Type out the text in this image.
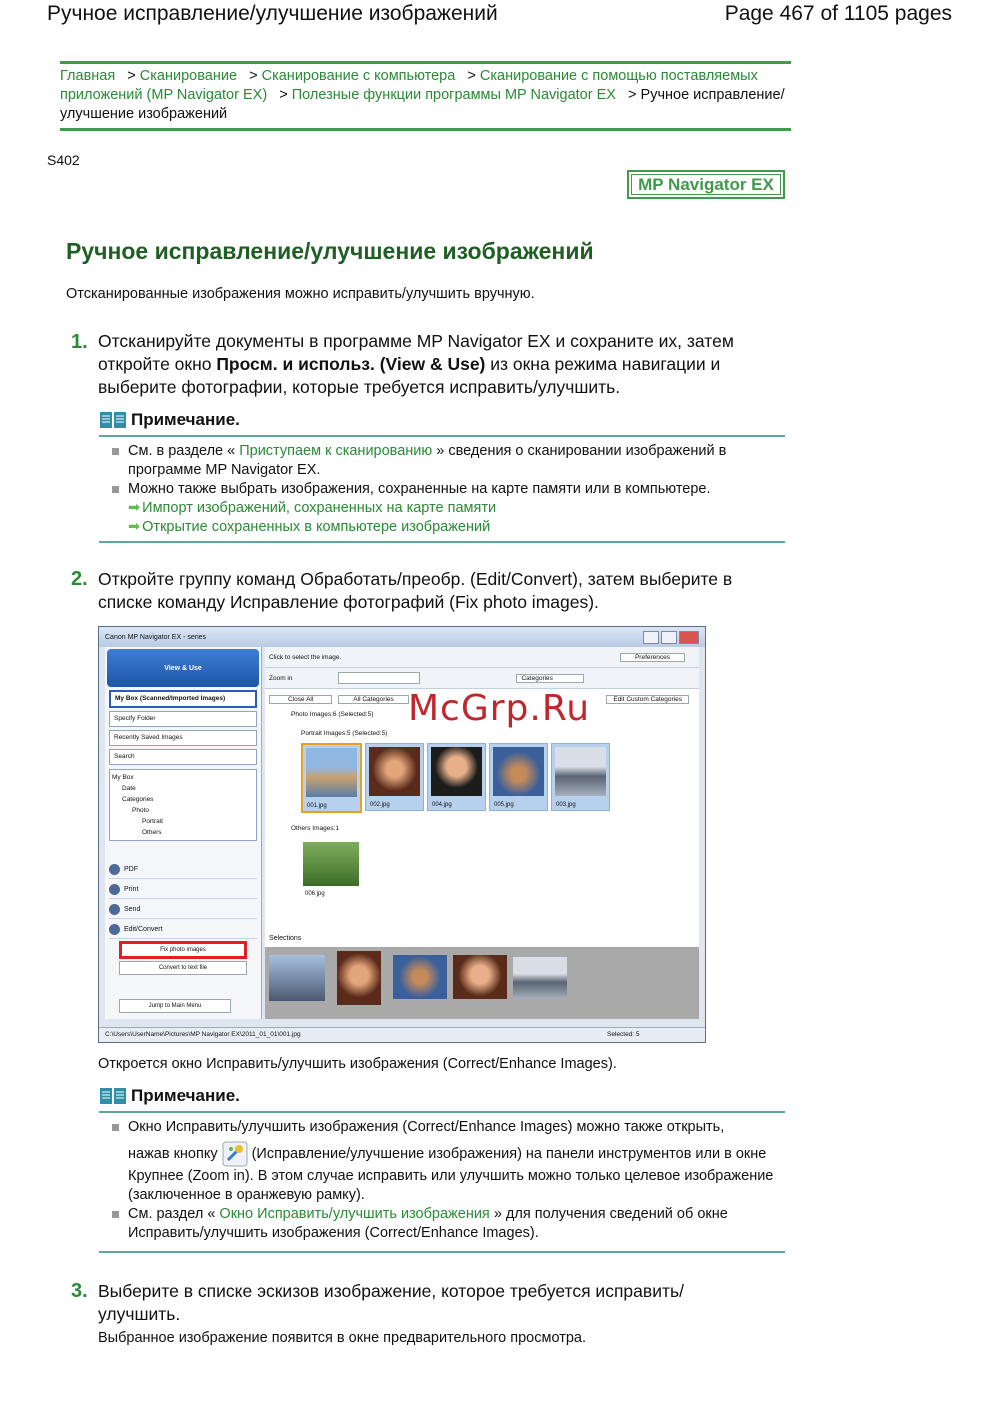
Ручное исправление/улучшение изображений	Page 467 of 1105 pages
Главная   > Сканирование   > Сканирование с компьютера   > Сканирование с помощью поставляемых приложений (MP Navigator EX)   > Полезные функции программы MP Navigator EX   > Ручное исправление/улучшение изображений
S402
MP Navigator EX
Ручное исправление/улучшение изображений
Отсканированные изображения можно исправить/улучшить вручную.
1. Отсканируйте документы в программе MP Navigator EX и сохраните их, затем откройте окно Просм. и использ. (View & Use) из окна режима навигации и выберите фотографии, которые требуется исправить/улучшить.
Примечание.
См. в разделе « Приступаем к сканированию » сведения о сканировании изображений в программе MP Navigator EX.
Можно также выбрать изображения, сохраненные на карте памяти или в компьютере.
➡ Импорт изображений, сохраненных на карте памяти
➡ Открытие сохраненных в компьютере изображений
2. Откройте группу команд Обработать/преобр. (Edit/Convert), затем выберите в списке команду Исправление фотографий (Fix photo images).
Canon MP Navigator EX - series
View & Use
My Box (Scanned/Imported Images)
Specify Folder
Recently Saved Images
Search
My Box
Date
Categories
Photo
Portrait
Others
PDF
Print
Send
Edit/Convert
Fix photo images
Convert to text file
Jump to Main Menu
Click to select the image.	Preferences
Zoom in	Categories
Close All	All Categories	Edit Custom Categories
Photo Images:6 (Selected:5)
Portrait Images:5 (Selected:5)
001.jpg	002.jpg	004.jpg	005.jpg	003.jpg
Others Images:1
006.jpg
Selections
C:\Users\UserName\Pictures\MP Navigator EX\2011_01_01\001.jpg	Selected: 5
McGrp.Ru
Откроется окно Исправить/улучшить изображения (Correct/Enhance Images).
Примечание.
Окно Исправить/улучшить изображения (Correct/Enhance Images) можно также открыть,
нажав кнопку (Исправление/улучшение изображения) на панели инструментов или в окне Крупнее (Zoom in). В этом случае исправить или улучшить можно только целевое изображение (заключенное в оранжевую рамку).
См. раздел « Окно Исправить/улучшить изображения » для получения сведений об окне Исправить/улучшить изображения (Correct/Enhance Images).
3. Выберите в списке эскизов изображение, которое требуется исправить/улучшить.
Выбранное изображение появится в окне предварительного просмотра.
